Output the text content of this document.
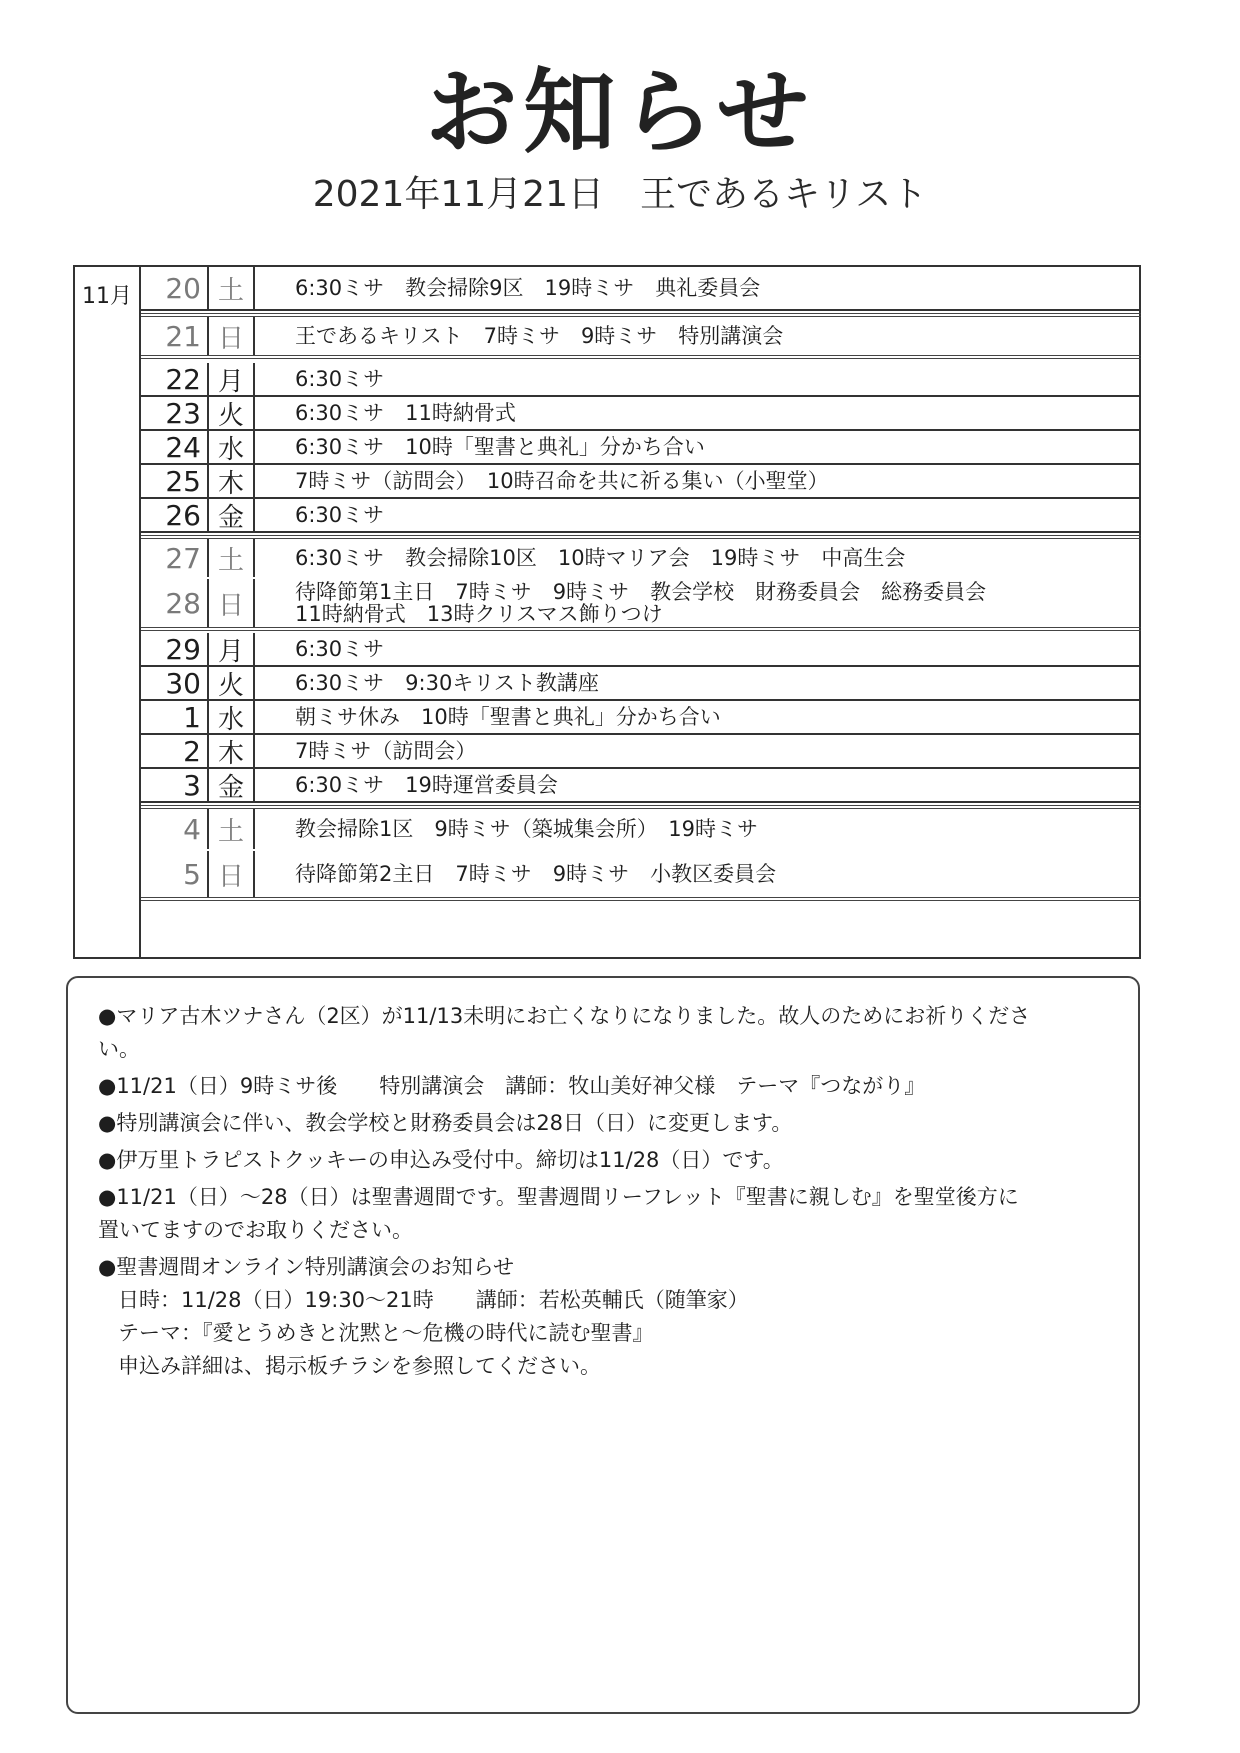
お知らせ
2021年11月21日　王であるキリスト
11月	20 土	6:30ミサ　教会掃除9区　19時ミサ　典礼委員会
21 日	王であるキリスト　7時ミサ　9時ミサ　特別講演会
22 月	6:30ミサ
23 火	6:30ミサ　11時納骨式
24 水	6:30ミサ　10時「聖書と典礼」分かち合い
25 木	7時ミサ（訪問会）　10時召命を共に祈る集い（小聖堂）
26 金	6:30ミサ
27 土	6:30ミサ　教会掃除10区　10時マリア会　19時ミサ　中高生会
28 日	待降節第1主日　7時ミサ　9時ミサ　教会学校　財務委員会　総務委員会
11時納骨式　13時クリスマス飾りつけ
29 月	6:30ミサ
30 火	6:30ミサ　9:30キリスト教講座
1 水	朝ミサ休み　10時「聖書と典礼」分かち合い
2 木	7時ミサ（訪問会）
3 金	6:30ミサ　19時運営委員会
4 土	教会掃除1区　9時ミサ（築城集会所）　19時ミサ
5 日	待降節第2主日　7時ミサ　9時ミサ　小教区委員会
●マリア古木ツナさん（2区）が11/13未明にお亡くなりになりました。故人のためにお祈りくださ
い。
●11/21（日）9時ミサ後　　特別講演会　講師：牧山美好神父様　テーマ『つながり』
●特別講演会に伴い、教会学校と財務委員会は28日（日）に変更します。
●伊万里トラピストクッキーの申込み受付中。締切は11/28（日）です。
●11/21（日）～28（日）は聖書週間です。聖書週間リーフレット『聖書に親しむ』を聖堂後方に
置いてますのでお取りください。
●聖書週間オンライン特別講演会のお知らせ
日時：11/28（日）19:30～21時　　講師：若松英輔氏（随筆家）
テーマ：『愛とうめきと沈黙と～危機の時代に読む聖書』
申込み詳細は、掲示板チラシを参照してください。
